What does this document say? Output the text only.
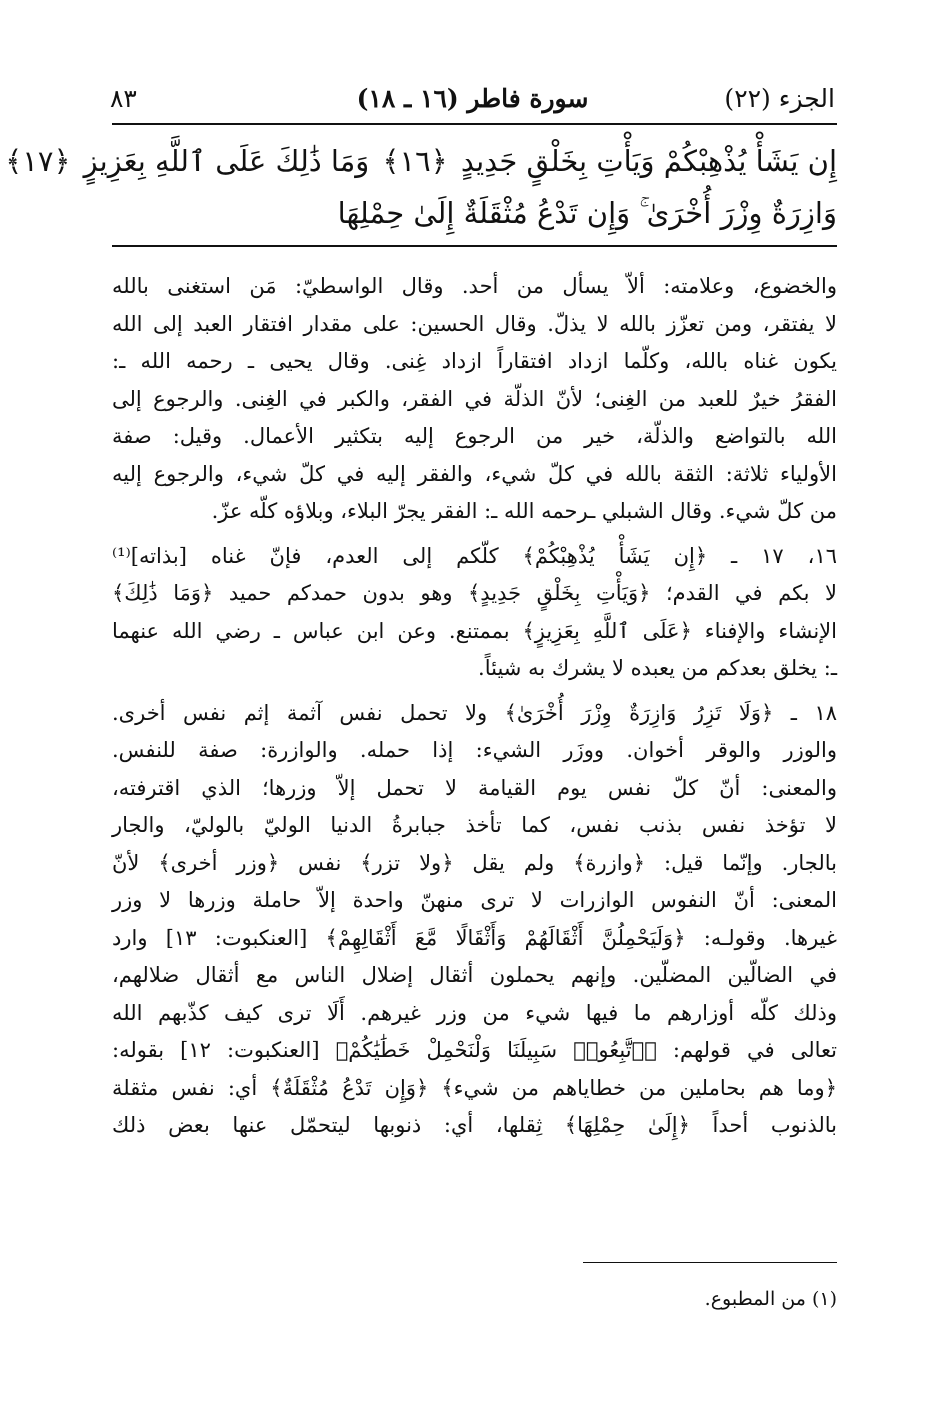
الجزء (٢٢)
سورة فاطر (١٦ ـ ١٨)
٨٣
إِن يَشَأْ يُذْهِبْكُمْ وَيَأْتِ بِخَلْقٍ جَدِيدٍ ﴿١٦﴾ وَمَا ذَٰلِكَ عَلَى ٱللَّهِ بِعَزِيزٍ ﴿١٧﴾
وَازِرَةٌ وِزْرَ أُخْرَىٰ ۚ وَإِن تَدْعُ مُثْقَلَةٌ إِلَىٰ حِمْلِهَا
والخضوع، وعلامته: ألاّ يسأل من أحد. وقال الواسطيّ: مَن استغنى بالله
لا يفتقر، ومن تعزّز بالله لا يذلّ. وقال الحسين: على مقدار افتقار العبد إلى الله
يكون غناه بالله، وكلّما ازداد افتقاراً ازداد غِنى. وقال يحيى ـ رحمه الله ـ:
الفقرُ خيرٌ للعبد من الغِنى؛ لأنّ الذلّة في الفقر، والكبر في الغِنى. والرجوع إلى
الله بالتواضع والذلّة، خير من الرجوع إليه بتكثير الأعمال. وقيل: صفة
الأولياء ثلاثة: الثقة بالله في كلّ شيء، والفقر إليه في كلّ شيء، والرجوع إليه
من كلّ شيء. وقال الشبلي ـرحمه الله ـ: الفقر يجرّ البلاء، وبلاؤه كلّه عزّ.
١٦، ١٧ ـ ﴿إِن يَشَأْ يُذْهِبْكُمْ﴾ كلّكم إلى العدم، فإنّ غناه [بذاته]⁽¹⁾
لا بكم في القدم؛ ﴿وَيَأْتِ بِخَلْقٍ جَدِيدٍ﴾ وهو بدون حمدكم حميد ﴿وَمَا ذَٰلِكَ﴾
الإنشاء والإفناء ﴿عَلَى ٱللَّهِ بِعَزِيزٍ﴾ بممتنع. وعن ابن عباس ـ رضي الله عنهما
ـ: يخلق بعدكم من يعبده لا يشرك به شيئاً.
١٨ ـ ﴿وَلَا تَزِرُ وَازِرَةٌ وِزْرَ أُخْرَىٰ﴾ ولا تحمل نفس آثمة إثم نفس أخرى.
والوزر والوقر أخوان. ووزَر الشيء: إذا حمله. والوازرة: صفة للنفس.
والمعنى: أنّ كلّ نفس يوم القيامة لا تحمل إلاّ وزرها؛ الذي اقترفته،
لا تؤخذ نفس بذنب نفس، كما تأخذ جبابرةُ الدنيا الوليّ بالوليّ، والجار
بالجار. وإنّما قيل: ﴿وازرة﴾ ولم يقل ﴿ولا تزر﴾ نفس ﴿وزر أخرى﴾ لأنّ
المعنى: أنّ النفوس الوازرات لا ترى منهنّ واحدة إلاّ حاملة وزرها لا وزر
غيرها. وقولـه: ﴿وَلَيَحْمِلُنَّ أَثْقَالَهُمْ وَأَثْقَالًا مَّعَ أَثْقَالِهِمْ﴾ [العنكبوت: ١٣] وارد
في الضالّين المضلّين. وإنهم يحملون أثقال إضلال الناس مع أثقال ضلالهم،
وذلك كلّه أوزارهم ما فيها شيء من وزر غيرهم. أَلَا ترى كيف كذّبهم الله
تعالى في قولهم: ﴿ٱتَّبِعُوا۟ سَبِيلَنَا وَلْنَحْمِلْ خَطَٰيَٰكُمْ﴾ [العنكبوت: ١٢] بقوله:
﴿وما هم بحاملين من خطاياهم من شيء﴾ ﴿وَإِن تَدْعُ مُثْقَلَةٌ﴾ أي: نفس مثقلة
بالذنوب أحداً ﴿إِلَىٰ حِمْلِهَا﴾ ثِقلها، أي: ذنوبها ليتحمّل عنها بعض ذلك
(١) من المطبوع.
